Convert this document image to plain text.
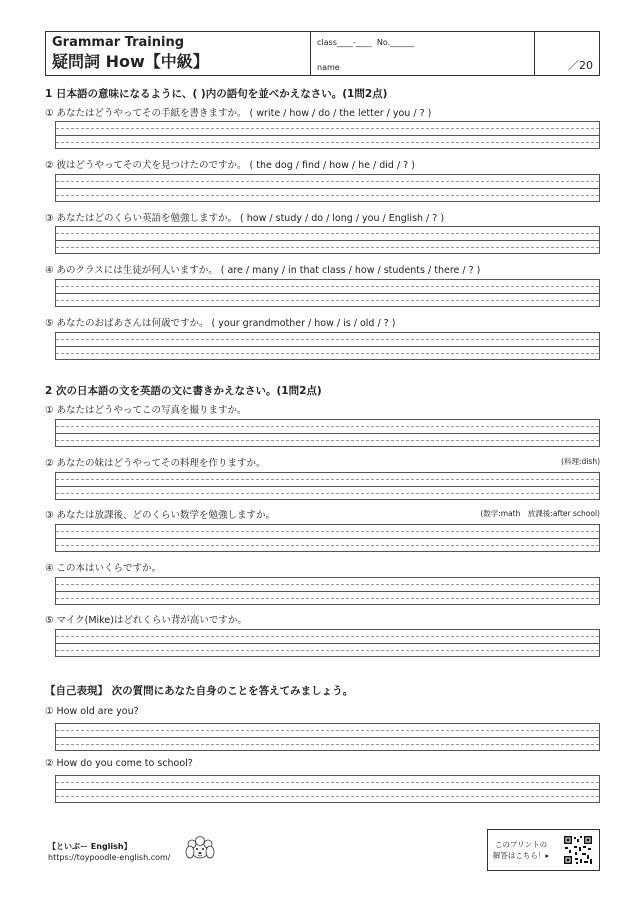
Grammar Training
疑問詞 How【中級】
class____-____ No.______
name	／20
1 日本語の意味になるように、( )内の語句を並べかえなさい。(1問2点)
① あなたはどうやってその手紙を書きますか。 ( write / how / do / the letter / you / ? )
② 彼はどうやってその犬を見つけたのですか。 ( the dog / find / how / he / did / ? )
③ あなたはどのくらい英語を勉強しますか。 ( how / study / do / long / you / English / ? )
④ あのクラスには生徒が何人いますか。 ( are / many / in that class / how / students / there / ? )
⑤ あなたのおばあさんは何歳ですか。 ( your grandmother / how / is / old / ? )
2 次の日本語の文を英語の文に書きかえなさい。(1問2点)
① あなたはどうやってこの写真を撮りますか。
② あなたの妹はどうやってその料理を作りますか。	(料理:dish)
③ あなたは放課後、どのくらい数学を勉強しますか。	(数学:math　放課後:after school)
④ この本はいくらですか。
⑤ マイク(Mike)はどれくらい背が高いですか。
【自己表現】 次の質問にあなた自身のことを答えてみましょう。
① How old are you?
② How do you come to school?
【といぷー English】
https://toypoodle-english.com/
このプリントの
解答はこちら！▸
